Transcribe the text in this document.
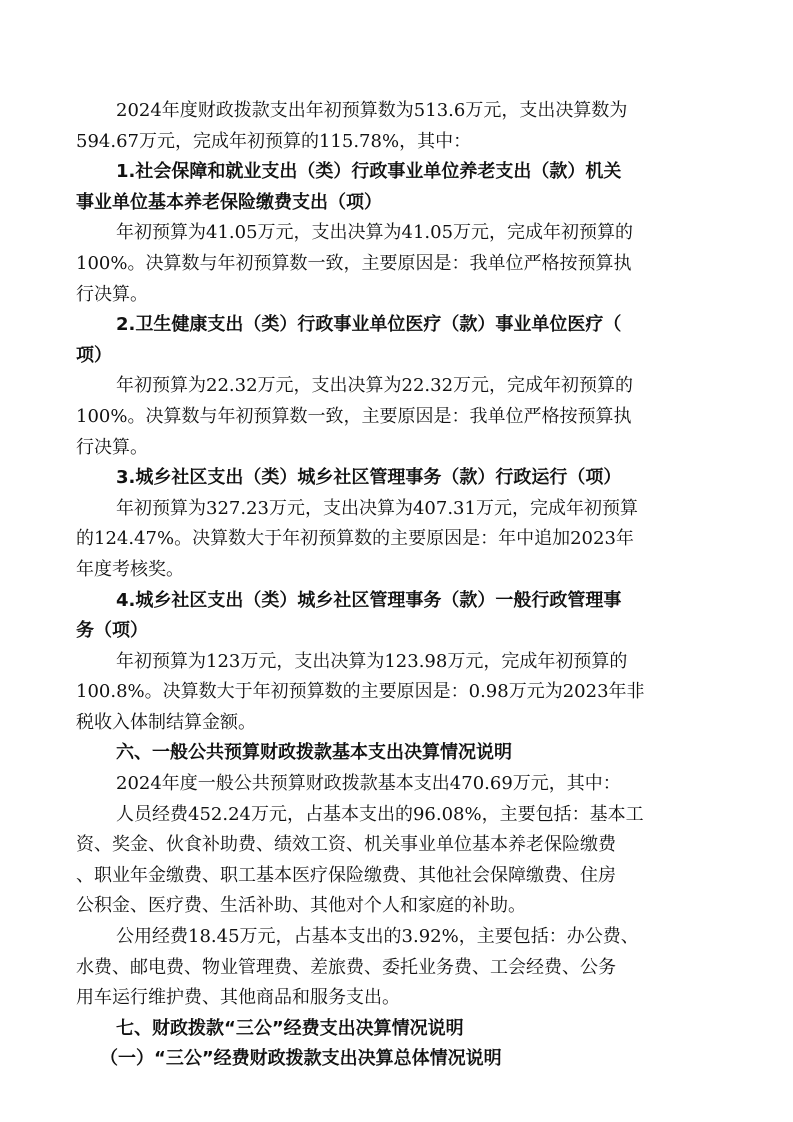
2024年度财政拨款支出年初预算数为513.6万元，支出决算数为
594.67万元，完成年初预算的115.78%，其中：
1.社会保障和就业支出（类）行政事业单位养老支出（款）机关
事业单位基本养老保险缴费支出（项）
年初预算为41.05万元，支出决算为41.05万元，完成年初预算的
100%。决算数与年初预算数一致，主要原因是：我单位严格按预算执
行决算。
2.卫生健康支出（类）行政事业单位医疗（款）事业单位医疗（
项）
年初预算为22.32万元，支出决算为22.32万元，完成年初预算的
100%。决算数与年初预算数一致，主要原因是：我单位严格按预算执
行决算。
3.城乡社区支出（类）城乡社区管理事务（款）行政运行（项）
年初预算为327.23万元，支出决算为407.31万元，完成年初预算
的124.47%。决算数大于年初预算数的主要原因是：年中追加2023年
年度考核奖。
4.城乡社区支出（类）城乡社区管理事务（款）一般行政管理事
务（项）
年初预算为123万元，支出决算为123.98万元，完成年初预算的
100.8%。决算数大于年初预算数的主要原因是：0.98万元为2023年非
税收入体制结算金额。
六、一般公共预算财政拨款基本支出决算情况说明
2024年度一般公共预算财政拨款基本支出470.69万元，其中：
人员经费452.24万元，占基本支出的96.08%，主要包括：基本工
资、奖金、伙食补助费、绩效工资、机关事业单位基本养老保险缴费
、职业年金缴费、职工基本医疗保险缴费、其他社会保障缴费、住房
公积金、医疗费、生活补助、其他对个人和家庭的补助。
公用经费18.45万元，占基本支出的3.92%，主要包括：办公费、
水费、邮电费、物业管理费、差旅费、委托业务费、工会经费、公务
用车运行维护费、其他商品和服务支出。
七、财政拨款“三公”经费支出决算情况说明
（一）“三公”经费财政拨款支出决算总体情况说明
